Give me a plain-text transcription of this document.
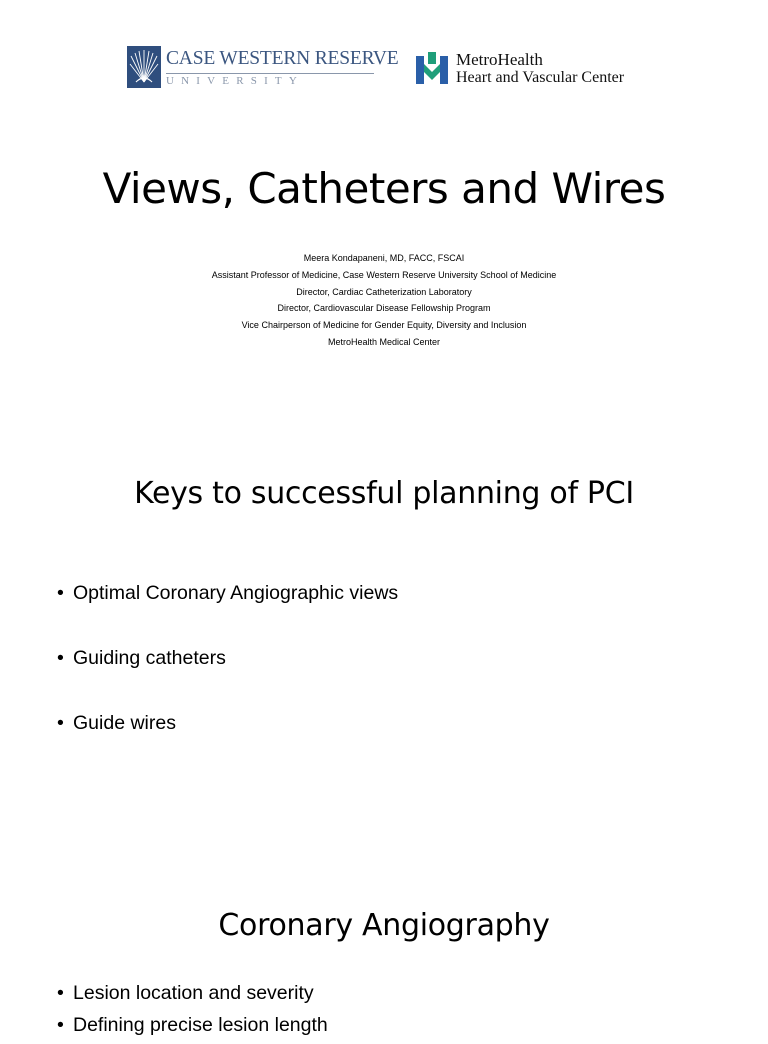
CASE WESTERN RESERVE
UNIVERSITY
MetroHealth
Heart and Vascular Center
Views, Catheters and Wires
Meera Kondapaneni, MD, FACC, FSCAI
Assistant Professor of Medicine, Case Western Reserve University School of Medicine
Director, Cardiac Catheterization Laboratory
Director, Cardiovascular Disease Fellowship Program
Vice Chairperson of Medicine for Gender Equity, Diversity and Inclusion
MetroHealth Medical Center
Keys to successful planning of PCI
• Optimal Coronary Angiographic views
• Guiding catheters
• Guide wires
Coronary Angiography
• Lesion location and severity
• Defining precise lesion length
